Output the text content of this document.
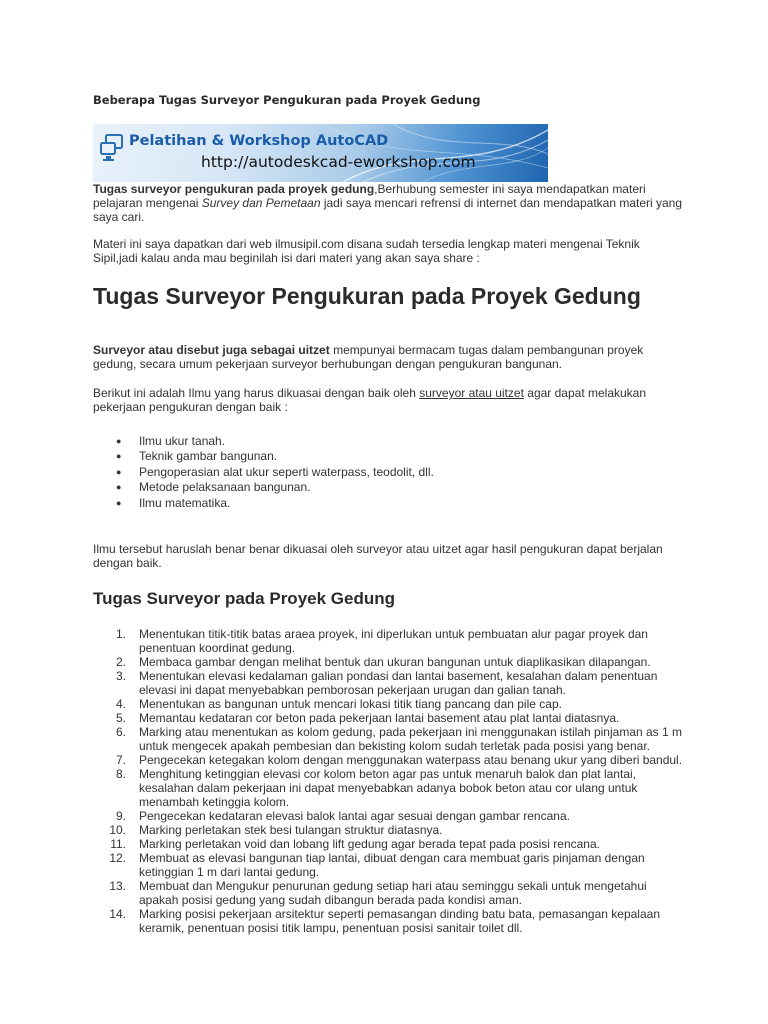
Beberapa Tugas Surveyor Pengukuran pada Proyek Gedung
Pelatihan & Workshop AutoCAD
http://autodeskcad-eworkshop.com

Tugas surveyor pengukuran pada proyek gedung,Berhubung semester ini saya mendapatkan materi pelajaran mengenai Survey dan Pemetaan jadi saya mencari refrensi di internet dan mendapatkan materi yang saya cari.

Materi ini saya dapatkan dari web ilmusipil.com disana sudah tersedia lengkap materi mengenai Teknik Sipil,jadi kalau anda mau beginilah isi dari materi yang akan saya share :

Tugas Surveyor Pengukuran pada Proyek Gedung

Surveyor atau disebut juga sebagai uitzet mempunyai bermacam tugas dalam pembangunan proyek gedung, secara umum pekerjaan surveyor berhubungan dengan pengukuran bangunan.

Berikut ini adalah Ilmu yang harus dikuasai dengan baik oleh surveyor atau uitzet agar dapat melakukan pekerjaan pengukuran dengan baik :

● Ilmu ukur tanah.
● Teknik gambar bangunan.
● Pengoperasian alat ukur seperti waterpass, teodolit, dll.
● Metode pelaksanaan bangunan.
● Ilmu matematika.

Ilmu tersebut haruslah benar benar dikuasai oleh surveyor atau uitzet agar hasil pengukuran dapat berjalan dengan baik.

Tugas Surveyor pada Proyek Gedung
1. Menentukan titik-titik batas araea proyek, ini diperlukan untuk pembuatan alur pagar proyek dan penentuan koordinat gedung.
2. Membaca gambar dengan melihat bentuk dan ukuran bangunan untuk diaplikasikan dilapangan.
3. Menentukan elevasi kedalaman galian pondasi dan lantai basement, kesalahan dalam penentuan elevasi ini dapat menyebabkan pemborosan pekerjaan urugan dan galian tanah.
4. Menentukan as bangunan untuk mencari lokasi titik tiang pancang dan pile cap.
5. Memantau kedataran cor beton pada pekerjaan lantai basement atau plat lantai diatasnya.
6. Marking atau menentukan as kolom gedung, pada pekerjaan ini menggunakan istilah pinjaman as 1 m untuk mengecek apakah pembesian dan bekisting kolom sudah terletak pada posisi yang benar.
7. Pengecekan ketegakan kolom dengan menggunakan waterpass atau benang ukur yang diberi bandul.
8. Menghitung ketinggian elevasi cor kolom beton agar pas untuk menaruh balok dan plat lantai, kesalahan dalam pekerjaan ini dapat menyebabkan adanya bobok beton atau cor ulang untuk menambah ketinggia kolom.
9. Pengecekan kedataran elevasi balok lantai agar sesuai dengan gambar rencana.
10. Marking perletakan stek besi tulangan struktur diatasnya.
11. Marking perletakan void dan lobang lift gedung agar berada tepat pada posisi rencana.
12. Membuat as elevasi bangunan tiap lantai, dibuat dengan cara membuat garis pinjaman dengan ketinggian 1 m dari lantai gedung.
13. Membuat dan Mengukur penurunan gedung setiap hari atau seminggu sekali untuk mengetahui apakah posisi gedung yang sudah dibangun berada pada kondisi aman.
14. Marking posisi pekerjaan arsitektur seperti pemasangan dinding batu bata, pemasangan kepalaan keramik, penentuan posisi titik lampu, penentuan posisi sanitair toilet dll.
